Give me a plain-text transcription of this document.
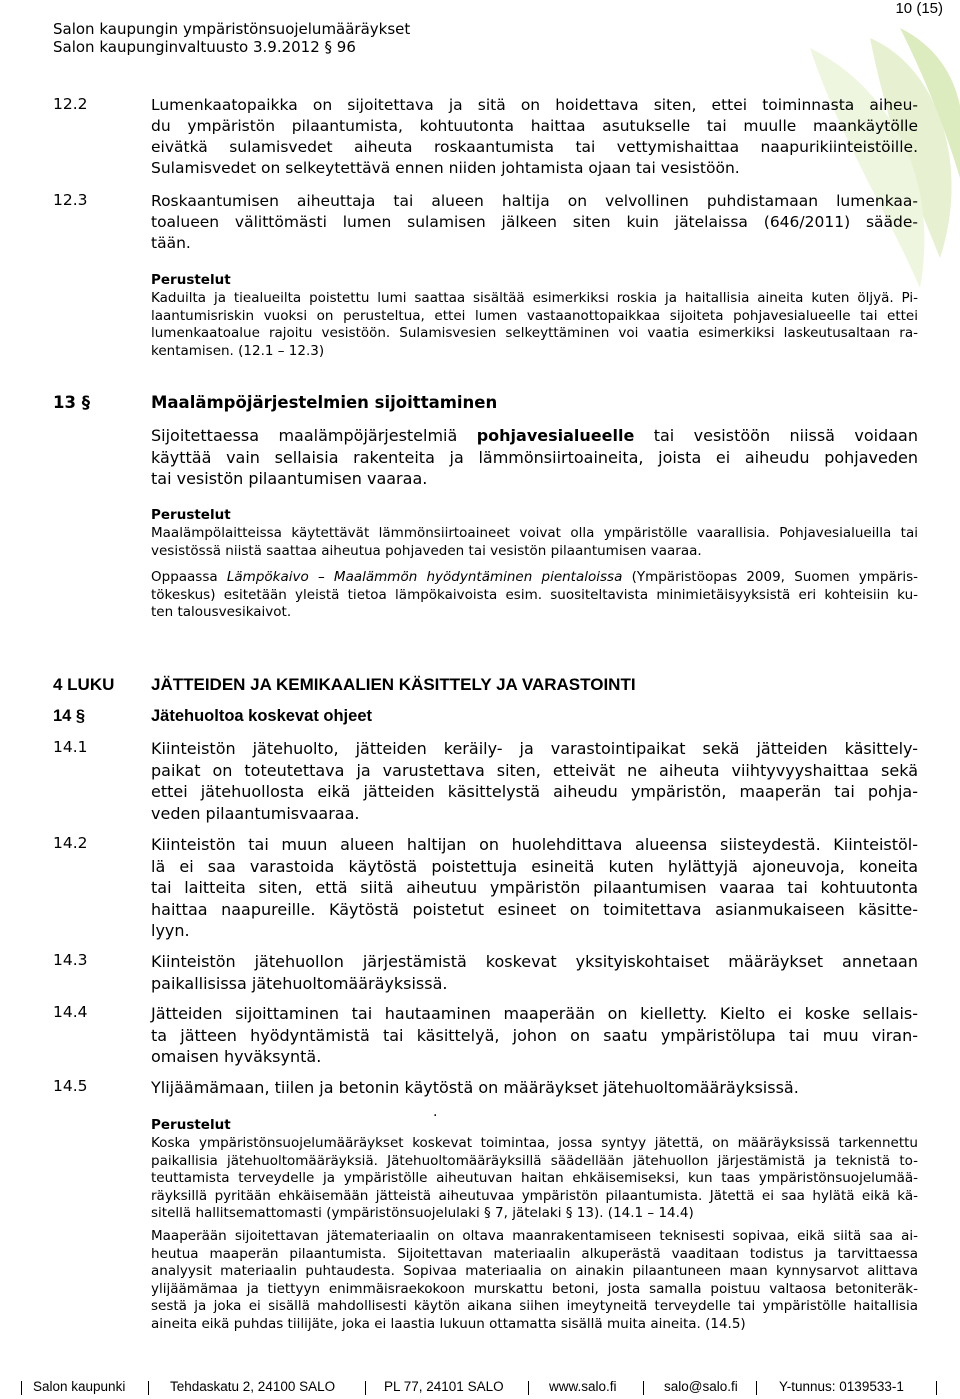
Salon kaupungin ympäristönsuojelumääräykset
Salon kaupunginvaltuusto 3.9.2012 § 96
10 (15)
12.2	Lumenkaatopaikka on sijoitettava ja sitä on hoidettava siten, ettei toiminnasta aiheu-
du ympäristön pilaantumista, kohtuutonta haittaa asutukselle tai muulle maankäytölle
eivätkä sulamisvedet aiheuta roskaantumista tai vettymishaittaa naapurikiinteistöille.
Sulamisvedet on selkeytettävä ennen niiden johtamista ojaan tai vesistöön.
12.3	Roskaantumisen aiheuttaja tai alueen haltija on velvollinen puhdistamaan lumenkaa-
toalueen välittömästi lumen sulamisen jälkeen siten kuin jätelaissa (646/2011) sääde-
tään.
Perustelut
Kaduilta ja tiealueilta poistettu lumi saattaa sisältää esimerkiksi roskia ja haitallisia aineita kuten öljyä. Pi-
laantumisriskin vuoksi on perusteltua, ettei lumen vastaanottopaikkaa sijoiteta pohjavesialueelle tai ettei
lumenkaatoalue rajoitu vesistöön. Sulamisvesien selkeyttäminen voi vaatia esimerkiksi laskeutusaltaan ra-
kentamisen. (12.1 – 12.3)
13 §	Maalämpöjärjestelmien sijoittaminen
Sijoitettaessa maalämpöjärjestelmiä pohjavesialueelle tai vesistöön niissä voidaan
käyttää vain sellaisia rakenteita ja lämmönsiirtoaineita, joista ei aiheudu pohjaveden
tai vesistön pilaantumisen vaaraa.
Perustelut
Maalämpölaitteissa käytettävät lämmönsiirtoaineet voivat olla ympäristölle vaarallisia. Pohjavesialueilla tai
vesistössä niistä saattaa aiheutua pohjaveden tai vesistön pilaantumisen vaaraa.
Oppaassa Lämpökaivo – Maalämmön hyödyntäminen pientaloissa (Ympäristöopas 2009, Suomen ympäris-
tökeskus) esitetään yleistä tietoa lämpökaivoista esim. suositeltavista minimietäisyyksistä eri kohteisiin ku-
ten talousvesikaivot.
4 LUKU JÄTTEIDEN JA KEMIKAALIEN KÄSITTELY JA VARASTOINTI
14 §	Jätehuoltoa koskevat ohjeet
14.1	Kiinteistön jätehuolto, jätteiden keräily- ja varastointipaikat sekä jätteiden käsittely-
paikat on toteutettava ja varustettava siten, etteivät ne aiheuta viihtyvyyshaittaa sekä
ettei jätehuollosta eikä jätteiden käsittelystä aiheudu ympäristön, maaperän tai pohja-
veden pilaantumisvaaraa.
14.2	Kiinteistön tai muun alueen haltijan on huolehdittava alueensa siisteydestä. Kiinteistöl-
lä ei saa varastoida käytöstä poistettuja esineitä kuten hylättyjä ajoneuvoja, koneita
tai laitteita siten, että siitä aiheutuu ympäristön pilaantumisen vaaraa tai kohtuutonta
haittaa naapureille. Käytöstä poistetut esineet on toimitettava asianmukaiseen käsitte-
lyyn.
14.3	Kiinteistön jätehuollon järjestämistä koskevat yksityiskohtaiset määräykset annetaan
paikallisissa jätehuoltomääräyksissä.
14.4	Jätteiden sijoittaminen tai hautaaminen maaperään on kielletty. Kielto ei koske sellais-
ta jätteen hyödyntämistä tai käsittelyä, johon on saatu ympäristölupa tai muu viran-
omaisen hyväksyntä.
14.5	Ylijäämämaan, tiilen ja betonin käytöstä on määräykset jätehuoltomääräyksissä.
Perustelut
.
Koska ympäristönsuojelumääräykset koskevat toimintaa, jossa syntyy jätettä, on määräyksissä tarkennettu
paikallisia jätehuoltomääräyksiä. Jätehuoltomääräyksillä säädellään jätehuollon järjestämistä ja teknistä to-
teuttamista terveydelle ja ympäristölle aiheutuvan haitan ehkäisemiseksi, kun taas ympäristönsuojelumää-
räyksillä pyritään ehkäisemään jätteistä aiheutuvaa ympäristön pilaantumista. Jätettä ei saa hylätä eikä kä-
sitellä hallitsemattomasti (ympäristönsuojelulaki § 7, jätelaki § 13). (14.1 – 14.4)
Maaperään sijoitettavan jätemateriaalin on oltava maanrakentamiseen teknisesti sopivaa, eikä siitä saa ai-
heutua maaperän pilaantumista. Sijoitettavan materiaalin alkuperästä vaaditaan todistus ja tarvittaessa
analyysit materiaalin puhtaudesta. Sopivaa materiaalia on ainakin pilaantuneen maan kynnysarvot alittava
ylijäämämaa ja tiettyyn enimmäisraekokoon murskattu betoni, josta samalla poistuu valtaosa betoniteräk-
sestä ja joka ei sisällä mahdollisesti käytön aikana siihen imeytyneitä terveydelle tai ympäristölle haitallisia
aineita eikä puhdas tiilijäte, joka ei laastia lukuun ottamatta sisällä muita aineita. (14.5)
Salon kaupunki	Tehdaskatu 2, 24100 SALO	PL 77, 24101 SALO	www.salo.fi	salo@salo.fi	Y-tunnus: 0139533-1
